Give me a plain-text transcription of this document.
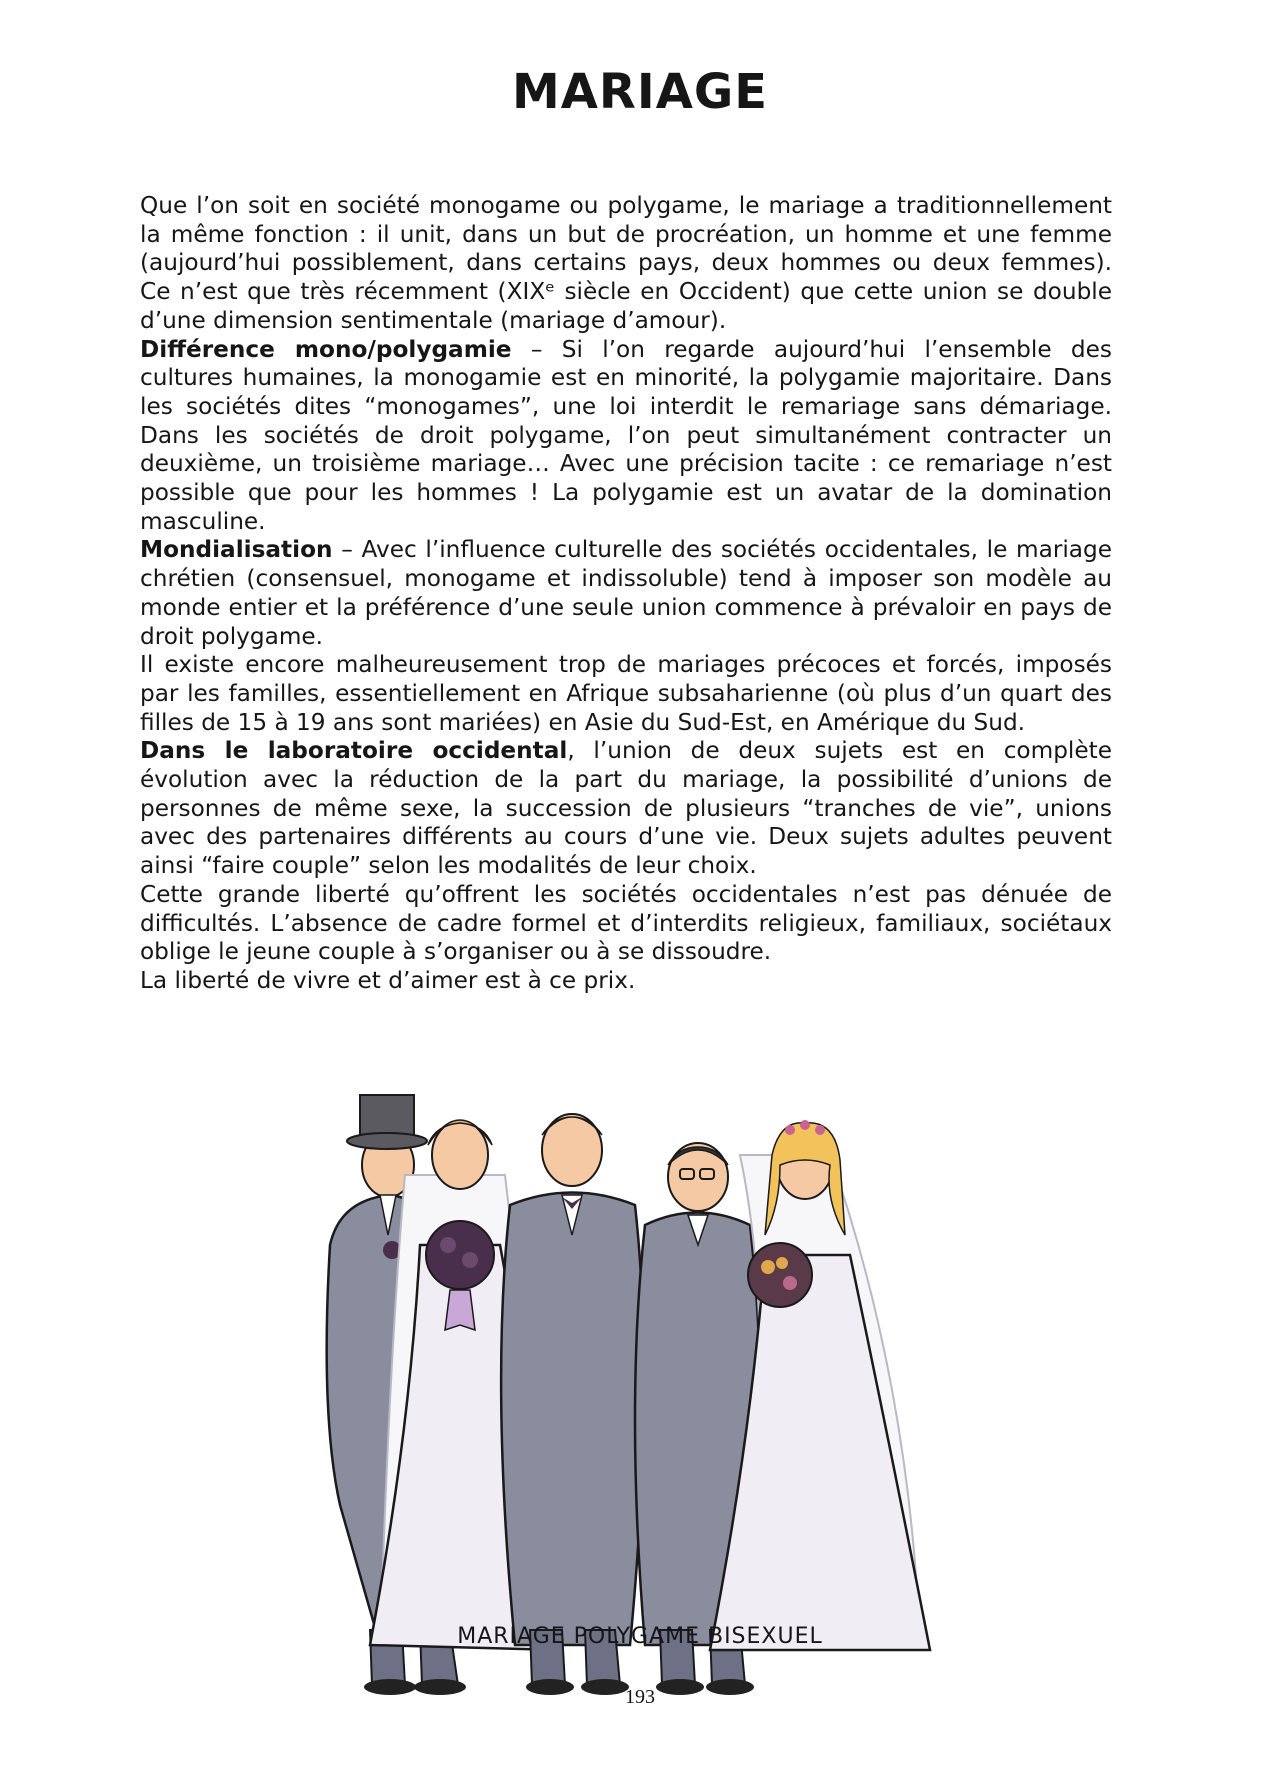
MARIAGE

Que l’on soit en société monogame ou polygame, le mariage a traditionnellement la même fonction : il unit, dans un but de procréation, un homme et une femme (aujourd’hui possiblement, dans certains pays, deux hommes ou deux femmes). Ce n’est que très récemment (XIXᵉ siècle en Occident) que cette union se double d’une dimension sentimentale (mariage d’amour).

Différence mono/polygamie – Si l’on regarde aujourd’hui l’ensemble des cultures humaines, la monogamie est en minorité, la polygamie majoritaire. Dans les sociétés dites “monogames”, une loi interdit le remariage sans démariage. Dans les sociétés de droit polygame, l’on peut simultanément contracter un deuxième, un troisième mariage… Avec une précision tacite : ce remariage n’est possible que pour les hommes ! La polygamie est un avatar de la domination masculine.

Mondialisation – Avec l’influence culturelle des sociétés occidentales, le mariage chrétien (consensuel, monogame et indissoluble) tend à imposer son modèle au monde entier et la préférence d’une seule union commence à prévaloir en pays de droit polygame.

Il existe encore malheureusement trop de mariages précoces et forcés, imposés par les familles, essentiellement en Afrique subsaharienne (où plus d’un quart des filles de 15 à 19 ans sont mariées) en Asie du Sud-Est, en Amérique du Sud.

Dans le laboratoire occidental, l’union de deux sujets est en complète évolution avec la réduction de la part du mariage, la possibilité d’unions de personnes de même sexe, la succession de plusieurs “tranches de vie”, unions avec des partenaires différents au cours d’une vie. Deux sujets adultes peuvent ainsi “faire couple” selon les modalités de leur choix.

Cette grande liberté qu’offrent les sociétés occidentales n’est pas dénuée de difficultés. L’absence de cadre formel et d’interdits religieux, familiaux, sociétaux oblige le jeune couple à s’organiser ou à se dissoudre.

La liberté de vivre et d’aimer est à ce prix.

MARIAGE POLYGAME BISEXUEL
193
